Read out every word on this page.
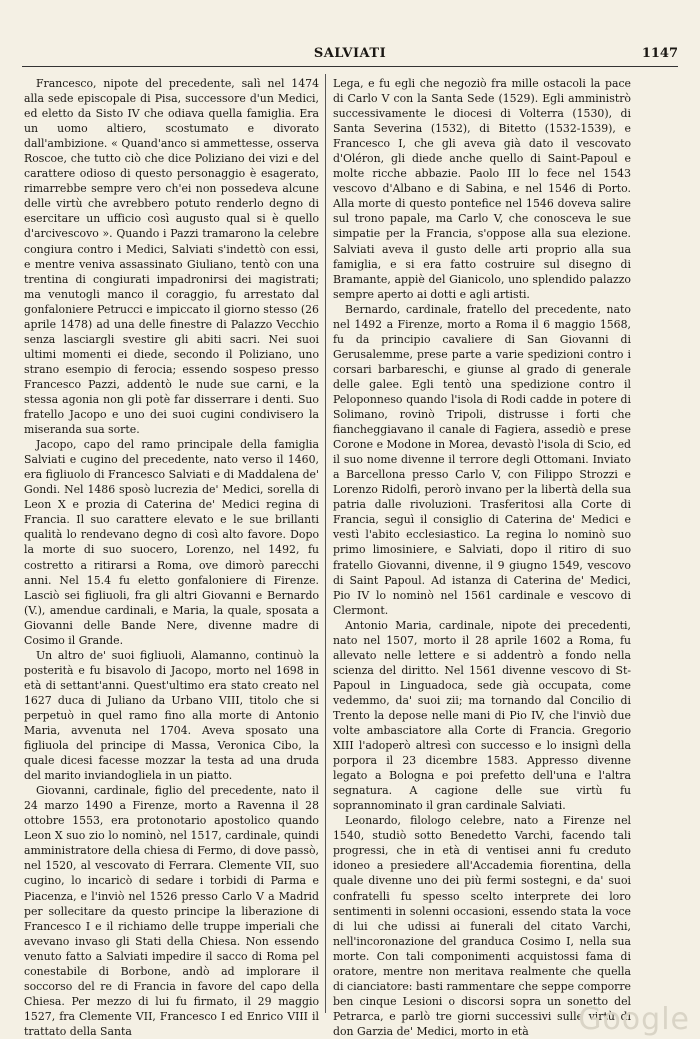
SALVIATI	1147

Francesco, nipote del precedente, salì nel 1474 alla sede episcopale di Pisa, successore d'un Medici, ed eletto da Sisto IV che odiava quella famiglia. Era un uomo altiero, scostumato e divorato dall'ambizione. « Quand'anco si ammettesse, osserva Roscoe, che tutto ciò che dice Poliziano dei vizi e del carattere odioso di questo personaggio è esagerato, rimarrebbe sempre vero ch'ei non possedeva alcune delle virtù che avrebbero potuto renderlo degno di esercitare un ufficio così augusto qual si è quello d'arcivescovo ». Quando i Pazzi tramarono la celebre congiura contro i Medici, Salviati s'indettò con essi, e mentre veniva assassinato Giuliano, tentò con una trentina di congiurati impadronirsi dei magistrati; ma venutogli manco il coraggio, fu arrestato dal gonfaloniere Petrucci e impiccato il giorno stesso (26 aprile 1478) ad una delle finestre di Palazzo Vecchio senza lasciargli svestire gli abiti sacri. Nei suoi ultimi momenti ei diede, secondo il Poliziano, uno strano esempio di ferocia; essendo sospeso presso Francesco Pazzi, addentò le nude sue carni, e la stessa agonia non gli potè far disserrare i denti. Suo fratello Jacopo e uno dei suoi cugini condivisero la miseranda sua sorte.

Jacopo, capo del ramo principale della famiglia Salviati e cugino del precedente, nato verso il 1460, era figliuolo di Francesco Salviati e di Maddalena de' Gondi. Nel 1486 sposò lucrezia de' Medici, sorella di Leon X e prozia di Caterina de' Medici regina di Francia. Il suo carattere elevato e le sue brillanti qualità lo rendevano degno di così alto favore. Dopo la morte di suo suocero, Lorenzo, nel 1492, fu costretto a ritirarsi a Roma, ove dimorò parecchi anni. Nel 15.4 fu eletto gonfaloniere di Firenze. Lasciò sei figliuoli, fra gli altri Giovanni e Bernardo (V.), amendue cardinali, e Maria, la quale, sposata a Giovanni delle Bande Nere, divenne madre di Cosimo il Grande.

Un altro de' suoi figliuoli, Alamanno, continuò la posterità e fu bisavolo di Jacopo, morto nel 1698 in età di settant'anni. Quest'ultimo era stato creato nel 1627 duca di Juliano da Urbano VIII, titolo che si perpetuò in quel ramo fino alla morte di Antonio Maria, avvenuta nel 1704. Aveva sposato una figliuola del principe di Massa, Veronica Cibo, la quale dicesi facesse mozzar la testa ad una druda del marito inviandogliela in un piatto.

Giovanni, cardinale, figlio del precedente, nato il 24 marzo 1490 a Firenze, morto a Ravenna il 28 ottobre 1553, era protonotario apostolico quando Leon X suo zio lo nominò, nel 1517, cardinale, quindi amministratore della chiesa di Fermo, di dove passò, nel 1520, al vescovato di Ferrara. Clemente VII, suo cugino, lo incaricò di sedare i torbidi di Parma e Piacenza, e l'inviò nel 1526 presso Carlo V a Madrid per sollecitare da questo principe la liberazione di Francesco I e il richiamo delle truppe imperiali che avevano invaso gli Stati della Chiesa. Non essendo venuto fatto a Salviati impedire il sacco di Roma pel conestabile di Borbone, andò ad implorare il soccorso del re di Francia in favore del capo della Chiesa. Per mezzo di lui fu firmato, il 29 maggio 1527, fra Clemente VII, Francesco I ed Enrico VIII il trattato della Santa

Lega, e fu egli che negoziò fra mille ostacoli la pace di Carlo V con la Santa Sede (1529). Egli amministrò successivamente le diocesi di Volterra (1530), di Santa Severina (1532), di Bitetto (1532-1539), e Francesco I, che gli aveva già dato il vescovato d'Oléron, gli diede anche quello di Saint-Papoul e molte ricche abbazie. Paolo III lo fece nel 1543 vescovo d'Albano e di Sabina, e nel 1546 di Porto. Alla morte di questo pontefice nel 1546 doveva salire sul trono papale, ma Carlo V, che conosceva le sue simpatie per la Francia, s'oppose alla sua elezione. Salviati aveva il gusto delle arti proprio alla sua famiglia, e si era fatto costruire sul disegno di Bramante, appiè del Gianicolo, uno splendido palazzo sempre aperto ai dotti e agli artisti.

Bernardo, cardinale, fratello del precedente, nato nel 1492 a Firenze, morto a Roma il 6 maggio 1568, fu da principio cavaliere di San Giovanni di Gerusalemme, prese parte a varie spedizioni contro i corsari barbareschi, e giunse al grado di generale delle galee. Egli tentò una spedizione contro il Peloponneso quando l'isola di Rodi cadde in potere di Solimano, rovinò Tripoli, distrusse i forti che fiancheggiavano il canale di Fagiera, assediò e prese Corone e Modone in Morea, devastò l'isola di Scio, ed il suo nome divenne il terrore degli Ottomani. Inviato a Barcellona presso Carlo V, con Filippo Strozzi e Lorenzo Ridolfi, perorò invano per la libertà della sua patria dalle rivoluzioni. Trasferitosi alla Corte di Francia, seguì il consiglio di Caterina de' Medici e vestì l'abito ecclesiastico. La regina lo nominò suo primo limosiniere, e Salviati, dopo il ritiro di suo fratello Giovanni, divenne, il 9 giugno 1549, vescovo di Saint Papoul. Ad istanza di Caterina de' Medici, Pio IV lo nominò nel 1561 cardinale e vescovo di Clermont.

Antonio Maria, cardinale, nipote dei precedenti, nato nel 1507, morto il 28 aprile 1602 a Roma, fu allevato nelle lettere e si addentrò a fondo nella scienza del diritto. Nel 1561 divenne vescovo di St-Papoul in Linguadoca, sede già occupata, come vedemmo, da' suoi zii; ma tornando dal Concilio di Trento la depose nelle mani di Pio IV, che l'inviò due volte ambasciatore alla Corte di Francia. Gregorio XIII l'adoperò altresì con successo e lo insignì della porpora il 23 dicembre 1583. Appresso divenne legato a Bologna e poi prefetto dell'una e l'altra segnatura. A cagione delle sue virtù fu soprannominato il gran cardinale Salviati.

Leonardo, filologo celebre, nato a Firenze nel 1540, studiò sotto Benedetto Varchi, facendo tali progressi, che in età di ventisei anni fu creduto idoneo a presiedere all'Accademia fiorentina, della quale divenne uno dei più fermi sostegni, e da' suoi confratelli fu spesso scelto interprete dei loro sentimenti in solenni occasioni, essendo stata la voce di lui che udissi ai funerali del citato Varchi, nell'incoronazione del granduca Cosimo I, nella sua morte. Con tali componimenti acquistossi fama di oratore, mentre non meritava realmente che quella di cianciatore: basti rammentare che seppe comporre ben cinque Lesioni o discorsi sopra un sonetto del Petrarca, e parlò tre giorni successivi sulle virtù di don Garzia de' Medici, morto in età	Google
